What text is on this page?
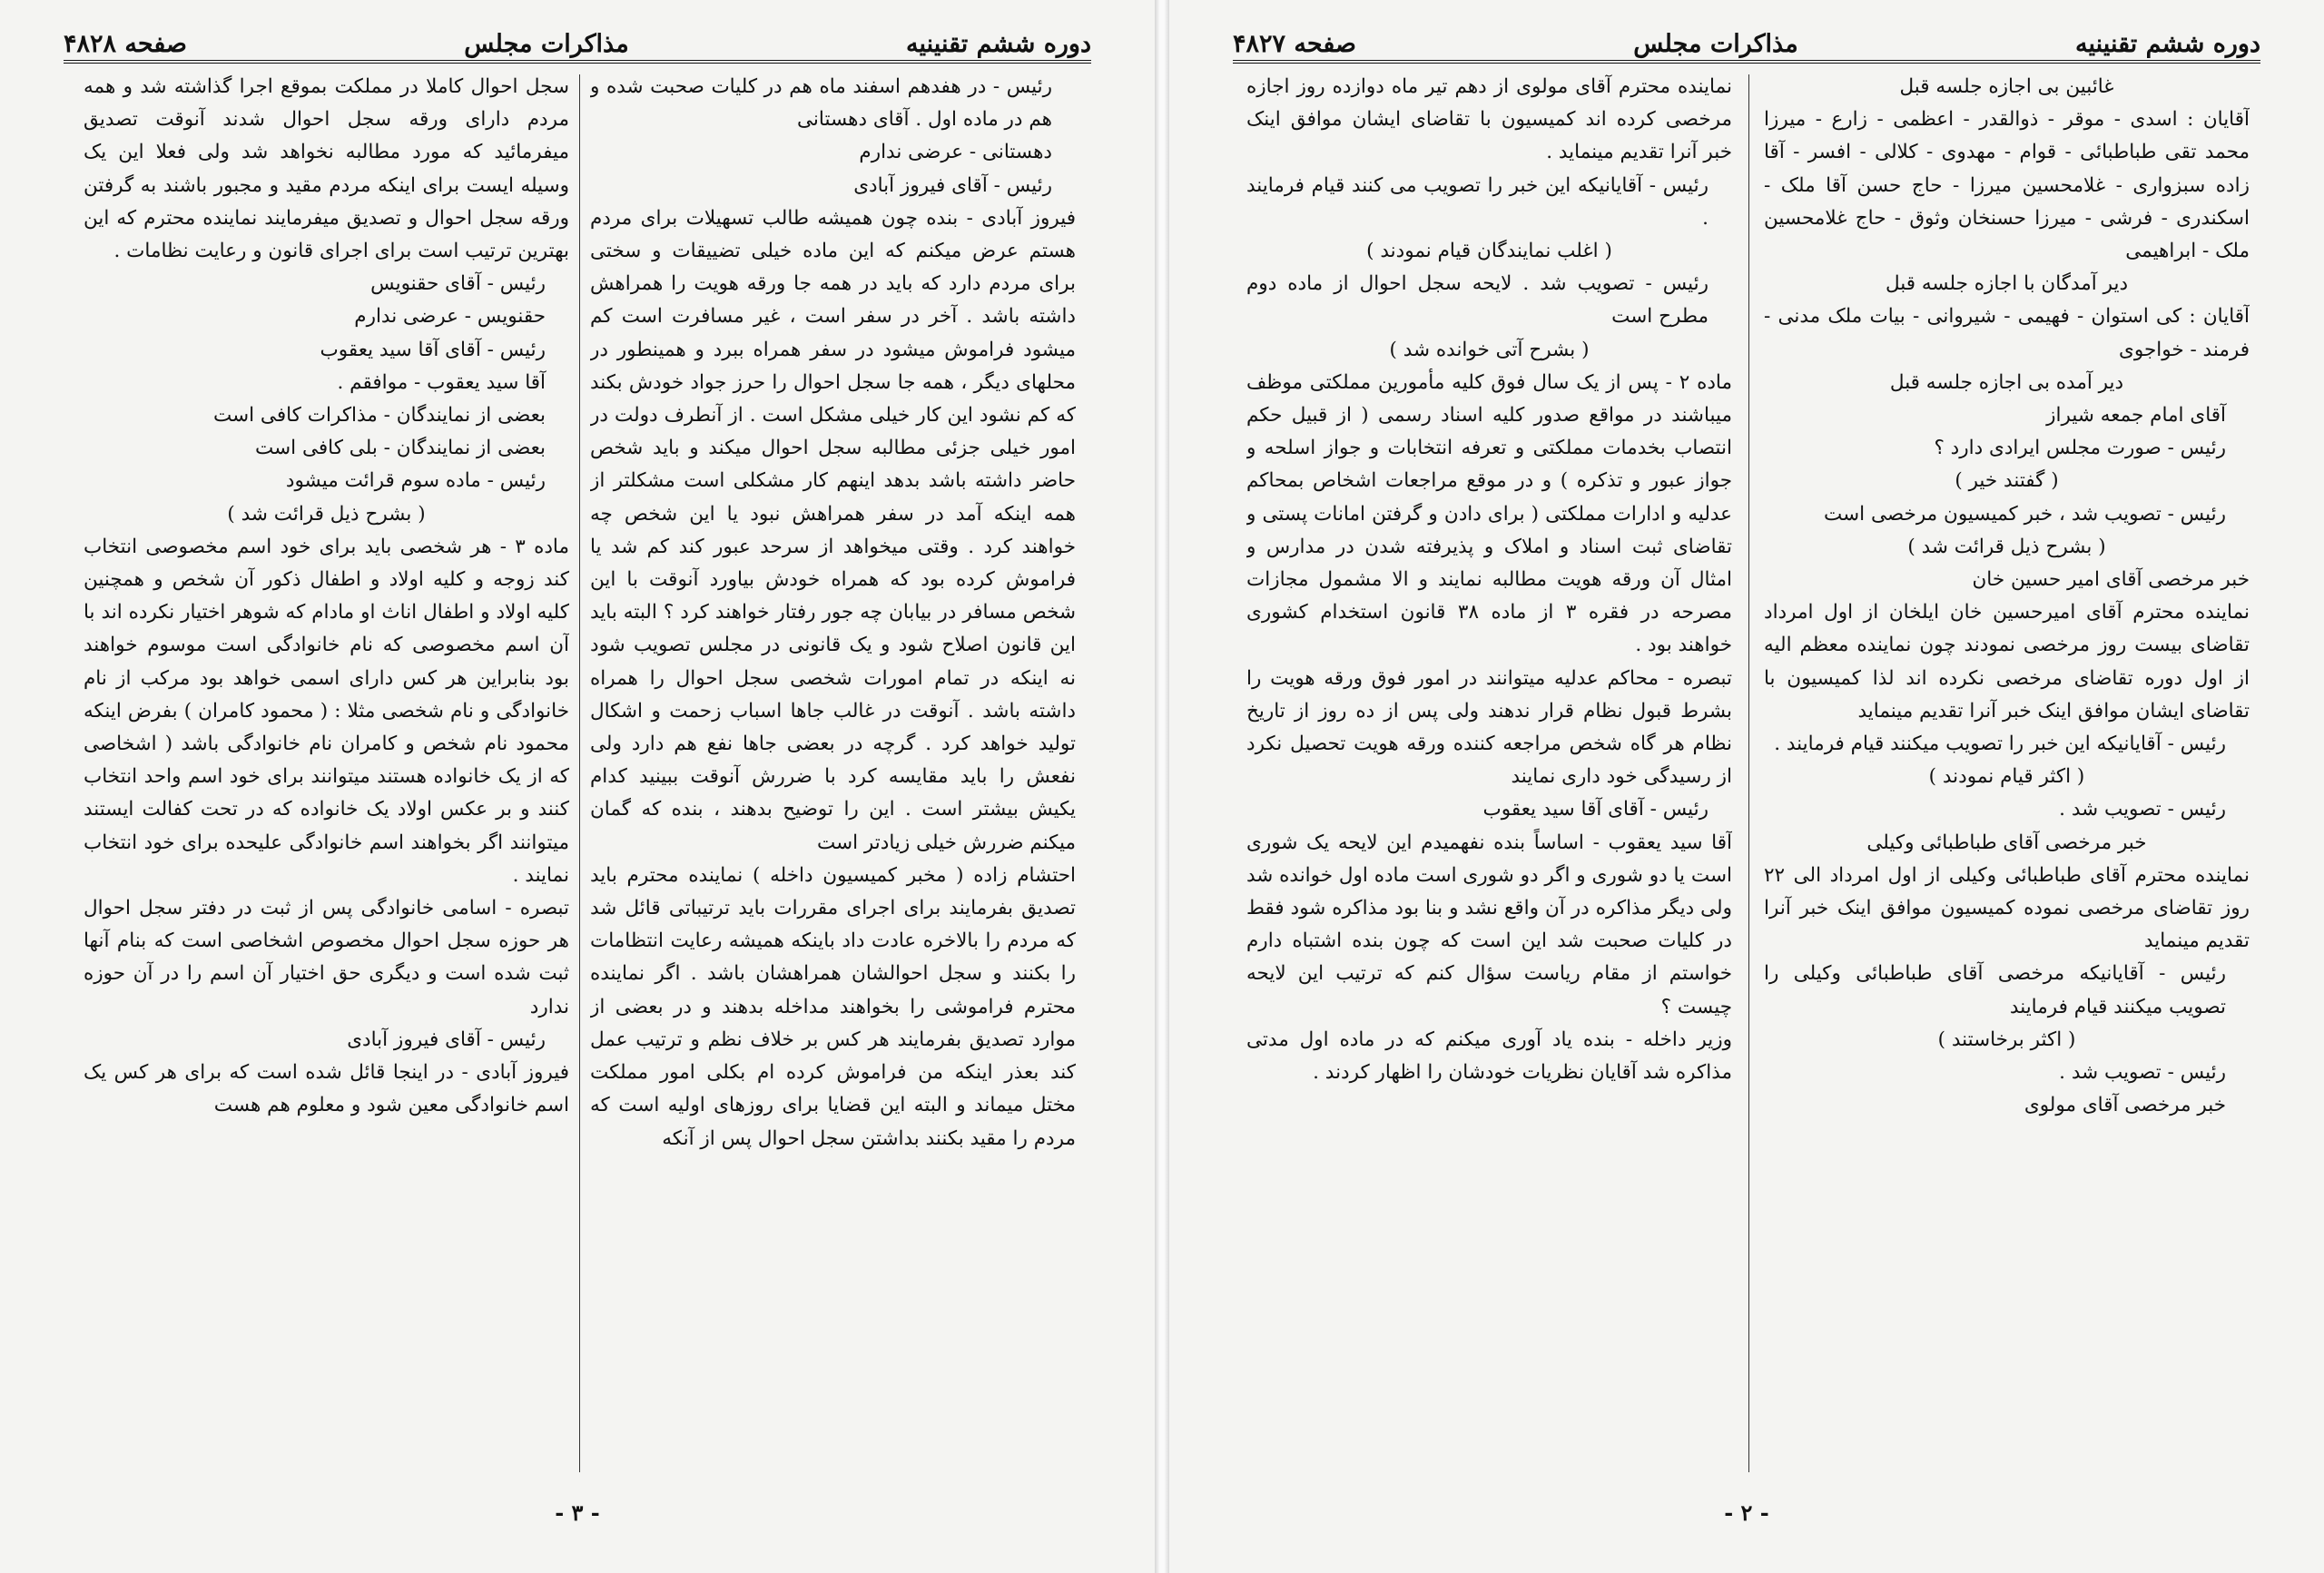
دوره ششم تقنینیه
مذاکرات مجلس
صفحه ۴۸۲۸

رئیس - در هفدهم اسفند ماه هم در کلیات صحبت شده و هم در ماده اول . آقای دهستانی

دهستانی - عرضی ندارم

رئیس - آقای فیروز آبادی

فیروز آبادی - بنده چون همیشه طالب تسهیلات برای مردم هستم عرض میکنم که این ماده خیلی تضییقات و سختی برای مردم دارد که باید در همه جا ورقه هویت را همراهش داشته باشد . آخر در سفر است ، غیر مسافرت است کم میشود فراموش میشود در سفر همراه ببرد و همینطور در محلهای دیگر ، همه جا سجل احوال را حرز جواد خودش بکند که کم نشود این کار خیلی مشکل است . از آنطرف دولت در امور خیلی جزئی مطالبه سجل احوال میکند و باید شخص حاضر داشته باشد بدهد اینهم کار مشکلی است مشکلتر از همه اینکه آمد در سفر همراهش نبود یا این شخص چه خواهند کرد . وقتی میخواهد از سرحد عبور کند کم شد یا فراموش کرده بود که همراه خودش بیاورد آنوقت با این شخص مسافر در بیابان چه جور رفتار خواهند کرد ؟ البته باید این قانون اصلاح شود و یک قانونی در مجلس تصویب شود نه اینکه در تمام امورات شخصی سجل احوال را همراه داشته باشد . آنوقت در غالب جاها اسباب زحمت و اشکال تولید خواهد کرد . گرچه در بعضی جاها نفع هم دارد ولی نفعش را باید مقایسه کرد با ضررش آنوقت ببینید کدام یکیش بیشتر است . این را توضیح بدهند ، بنده که گمان میکنم ضررش خیلی زیادتر است

احتشام زاده ( مخبر کمیسیون داخله ) نماینده محترم باید تصدیق بفرمایند برای اجرای مقررات باید ترتیباتی قائل شد که مردم را بالاخره عادت داد باینکه همیشه رعایت انتظامات را بکنند و سجل احوالشان همراهشان باشد . اگر نماینده محترم فراموشی را بخواهند مداخله بدهند و در بعضی از موارد تصدیق بفرمایند هر کس بر خلاف نظم و ترتیب عمل کند بعذر اینکه من فراموش کرده ام بکلی امور مملکت مختل میماند و البته این قضایا برای روزهای اولیه است که مردم را مقید بکنند بداشتن سجل احوال پس از آنکه

سجل احوال کاملا در مملکت بموقع اجرا گذاشته شد و همه مردم دارای ورقه سجل احوال شدند آنوقت تصدیق میفرمائید که مورد مطالبه نخواهد شد ولی فعلا این یک وسیله ایست برای اینکه مردم مقید و مجبور باشند به گرفتن ورقه سجل احوال و تصدیق میفرمایند نماینده محترم که این بهترین ترتیب است برای اجرای قانون و رعایت نظامات .

رئیس - آقای حقنویس

حقنویس - عرضی ندارم

رئیس - آقای آقا سید یعقوب

آقا سید یعقوب - موافقم .

بعضی از نمایندگان - مذاکرات کافی است

بعضی از نمایندگان - بلی کافی است

رئیس - ماده سوم قرائت میشود

( بشرح ذیل قرائت شد )

ماده ۳ - هر شخصی باید برای خود اسم مخصوصی انتخاب کند زوجه و کلیه اولاد و اطفال ذکور آن شخص و همچنین کلیه اولاد و اطفال اناث او مادام که شوهر اختیار نکرده اند با آن اسم مخصوصی که نام خانوادگی است موسوم خواهند بود بنابراین هر کس دارای اسمی خواهد بود مرکب از نام خانوادگی و نام شخصی مثلا : ( محمود کامران ) بفرض اینکه محمود نام شخص و کامران نام خانوادگی باشد ( اشخاصی که از یک خانواده هستند میتوانند برای خود اسم واحد انتخاب کنند و بر عکس اولاد یک خانواده که در تحت کفالت ایستند میتوانند اگر بخواهند اسم خانوادگی علیحده برای خود انتخاب نمایند .

تبصره - اسامی خانوادگی پس از ثبت در دفتر سجل احوال هر حوزه سجل احوال مخصوص اشخاصی است که بنام آنها ثبت شده است و دیگری حق اختیار آن اسم را در آن حوزه ندارد

رئیس - آقای فیروز آبادی

فیروز آبادی - در اینجا قائل شده است که برای هر کس یک اسم خانوادگی معین شود و معلوم هم هست

- ۳ -
دوره ششم تقنینیه
مذاکرات مجلس
صفحه ۴۸۲۷

غائبین بی اجازه جلسه قبل

آقایان : اسدی - موقر - ذوالقدر - اعظمی - زارع - میرزا محمد تقی طباطبائی - قوام - مهدوی - کلالی - افسر - آقا زاده سبزواری - غلامحسین میرزا - حاج حسن آقا ملک - اسکندری - فرشی - میرزا حسنخان وثوق - حاج غلامحسین ملک - ابراهیمی

دیر آمدگان با اجازه جلسه قبل

آقایان : کی استوان - فهیمی - شیروانی - بیات ملک مدنی - فرمند - خواجوی

دیر آمده بی اجازه جلسه قبل

آقای امام جمعه شیراز

رئیس - صورت مجلس ایرادی دارد ؟

( گفتند خیر )

رئیس - تصویب شد ، خبر کمیسیون مرخصی است

( بشرح ذیل قرائت شد )

خبر مرخصی آقای امیر حسین خان

نماینده محترم آقای امیرحسین خان ایلخان از اول امرداد تقاضای بیست روز مرخصی نمودند چون نماینده معظم الیه از اول دوره تقاضای مرخصی نکرده اند لذا کمیسیون با تقاضای ایشان موافق اینک خبر آنرا تقدیم مینماید

رئیس - آقایانیکه این خبر را تصویب میکنند قیام فرمایند .

( اکثر قیام نمودند )

رئیس - تصویب شد .

خبر مرخصی آقای طباطبائی وکیلی

نماینده محترم آقای طباطبائی وکیلی از اول امرداد الی ۲۲ روز تقاضای مرخصی نموده کمیسیون موافق اینک خبر آنرا تقدیم مینماید

رئیس - آقایانیکه مرخصی آقای طباطبائی وکیلی را تصویب میکنند قیام فرمایند

( اکثر برخاستند )

رئیس - تصویب شد .

خبر مرخصی آقای مولوی

نماینده محترم آقای مولوی از دهم تیر ماه دوازده روز اجازه مرخصی کرده اند کمیسیون با تقاضای ایشان موافق اینک خبر آنرا تقدیم مینماید .

رئیس - آقایانیکه این خبر را تصویب می کنند قیام فرمایند .

( اغلب نمایندگان قیام نمودند )

رئیس - تصویب شد . لایحه سجل احوال از ماده دوم مطرح است

( بشرح آتی خوانده شد )

ماده ۲ - پس از یک سال فوق کلیه مأمورین مملکتی موظف میباشند در مواقع صدور کلیه اسناد رسمی ( از قبیل حکم انتصاب بخدمات مملکتی و تعرفه انتخابات و جواز اسلحه و جواز عبور و تذکره ) و در موقع مراجعات اشخاص بمحاکم عدلیه و ادارات مملکتی ( برای دادن و گرفتن امانات پستی و تقاضای ثبت اسناد و املاک و پذیرفته شدن در مدارس و امثال آن ورقه هویت مطالبه نمایند و الا مشمول مجازات مصرحه در فقره ۳ از ماده ۳۸ قانون استخدام کشوری خواهند بود .

تبصره - محاکم عدلیه میتوانند در امور فوق ورقه هویت را بشرط قبول نظام قرار ندهند ولی پس از ده روز از تاریخ نظام هر گاه شخص مراجعه کننده ورقه هویت تحصیل نکرد از رسیدگی خود داری نمایند

رئیس - آقای آقا سید یعقوب

آقا سید یعقوب - اساساً بنده نفهمیدم این لایحه یک شوری است یا دو شوری و اگر دو شوری است ماده اول خوانده شد ولی دیگر مذاکره در آن واقع نشد و بنا بود مذاکره شود فقط در کلیات صحبت شد این است که چون بنده اشتباه دارم خواستم از مقام ریاست سؤال کنم که ترتیب این لایحه چیست ؟

وزیر داخله - بنده یاد آوری میکنم که در ماده اول مدتی مذاکره شد آقایان نظریات خودشان را اظهار کردند .

- ۲ -
